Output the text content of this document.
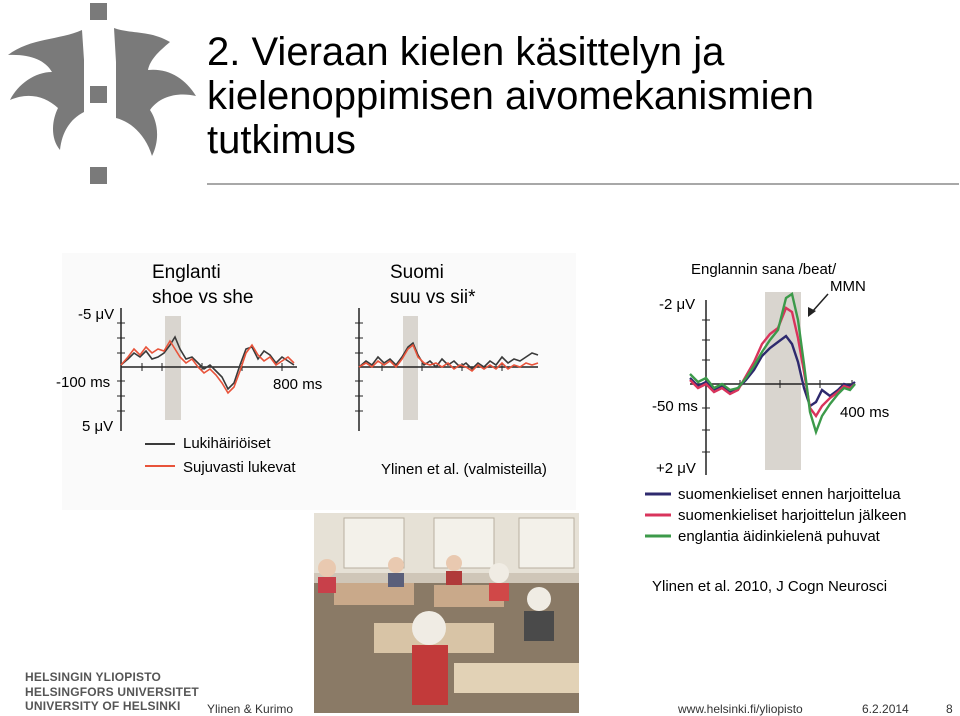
2. Vieraan kielen käsittelyn ja kielenoppimisen aivomekanismien tutkimus
Englanti
shoe vs she
Suomi
suu vs sii*
-5 μV
-100 ms	800 ms
5 μV
Lukihäiriöiset
Sujuvasti lukevat	Ylinen et al. (valmisteilla)
Englannin sana /beat/
MMN
-2 μV
-50 ms	400 ms
+2 μV
suomenkieliset ennen harjoittelua
suomenkieliset harjoittelun jälkeen
englantia äidinkielenä puhuvat
Ylinen et al. 2010, J Cogn Neurosci
HELSINGIN YLIOPISTO
HELSINGFORS UNIVERSITET
UNIVERSITY OF HELSINKI Ylinen & Kurimo	www.helsinki.fi/yliopisto	6.2.2014	8
